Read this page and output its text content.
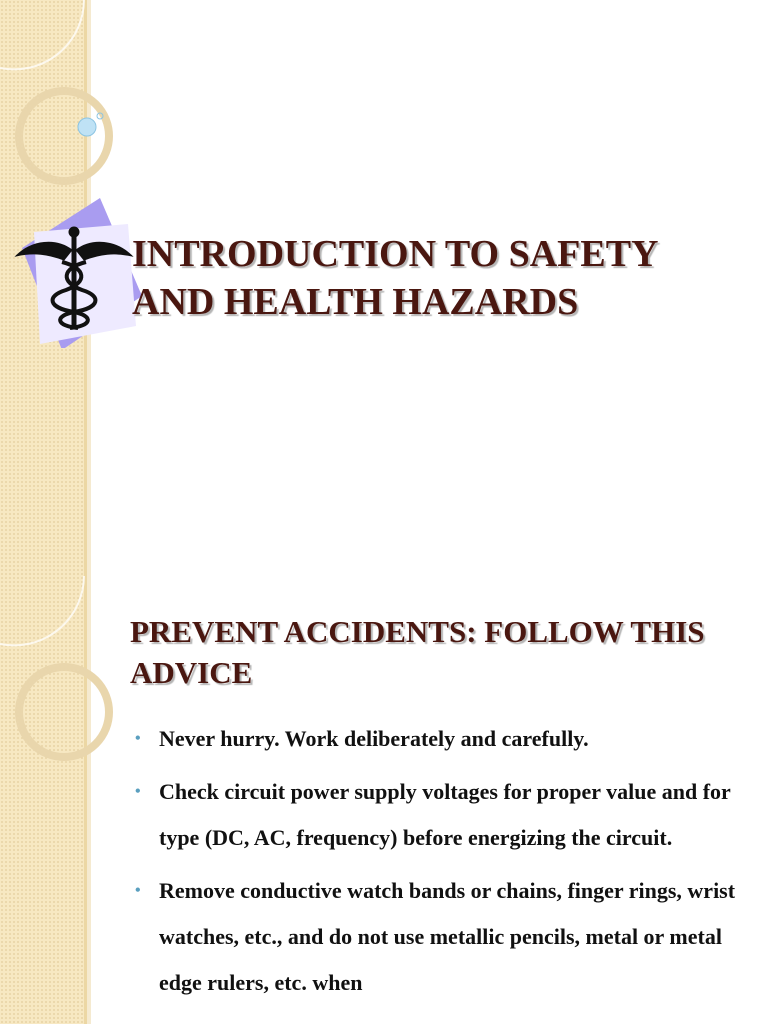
INTRODUCTION TO SAFETY AND HEALTH HAZARDS
PREVENT ACCIDENTS: FOLLOW THIS ADVICE
• Never hurry. Work deliberately and carefully.
• Check circuit power supply voltages for proper value and for type (DC, AC, frequency) before energizing the circuit.
• Remove conductive watch bands or chains, finger rings, wrist watches, etc., and do not use metallic pencils, metal or metal edge rulers, etc. when
